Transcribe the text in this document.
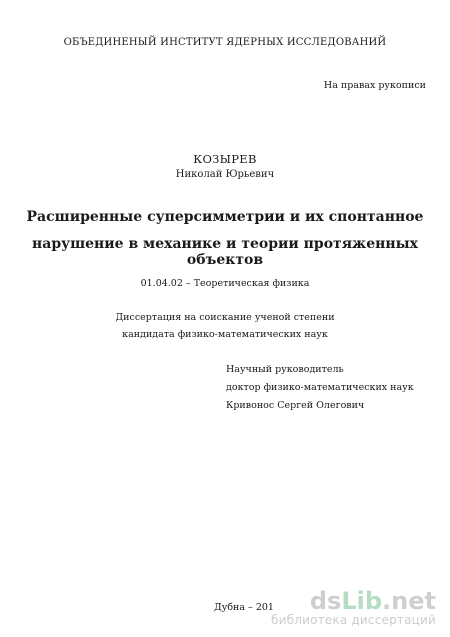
ОБЪЕДИНЕНЫЙ ИНСТИТУТ ЯДЕРНЫХ ИССЛЕДОВАНИЙ
На правах рукописи
КОЗЫРЕВ
Николай Юрьевич
Расширенные суперсимметрии и их спонтанное
нарушение в механике и теории протяженных объектов
01.04.02 – Теоретическая физика
Диссертация на соискание ученой степени
кандидата физико-математических наук
Научный руководитель
доктор физико-математических наук
Кривонос Сергей Олегович
Дубна – 201 dsLib.net
библиотека диссертаций
